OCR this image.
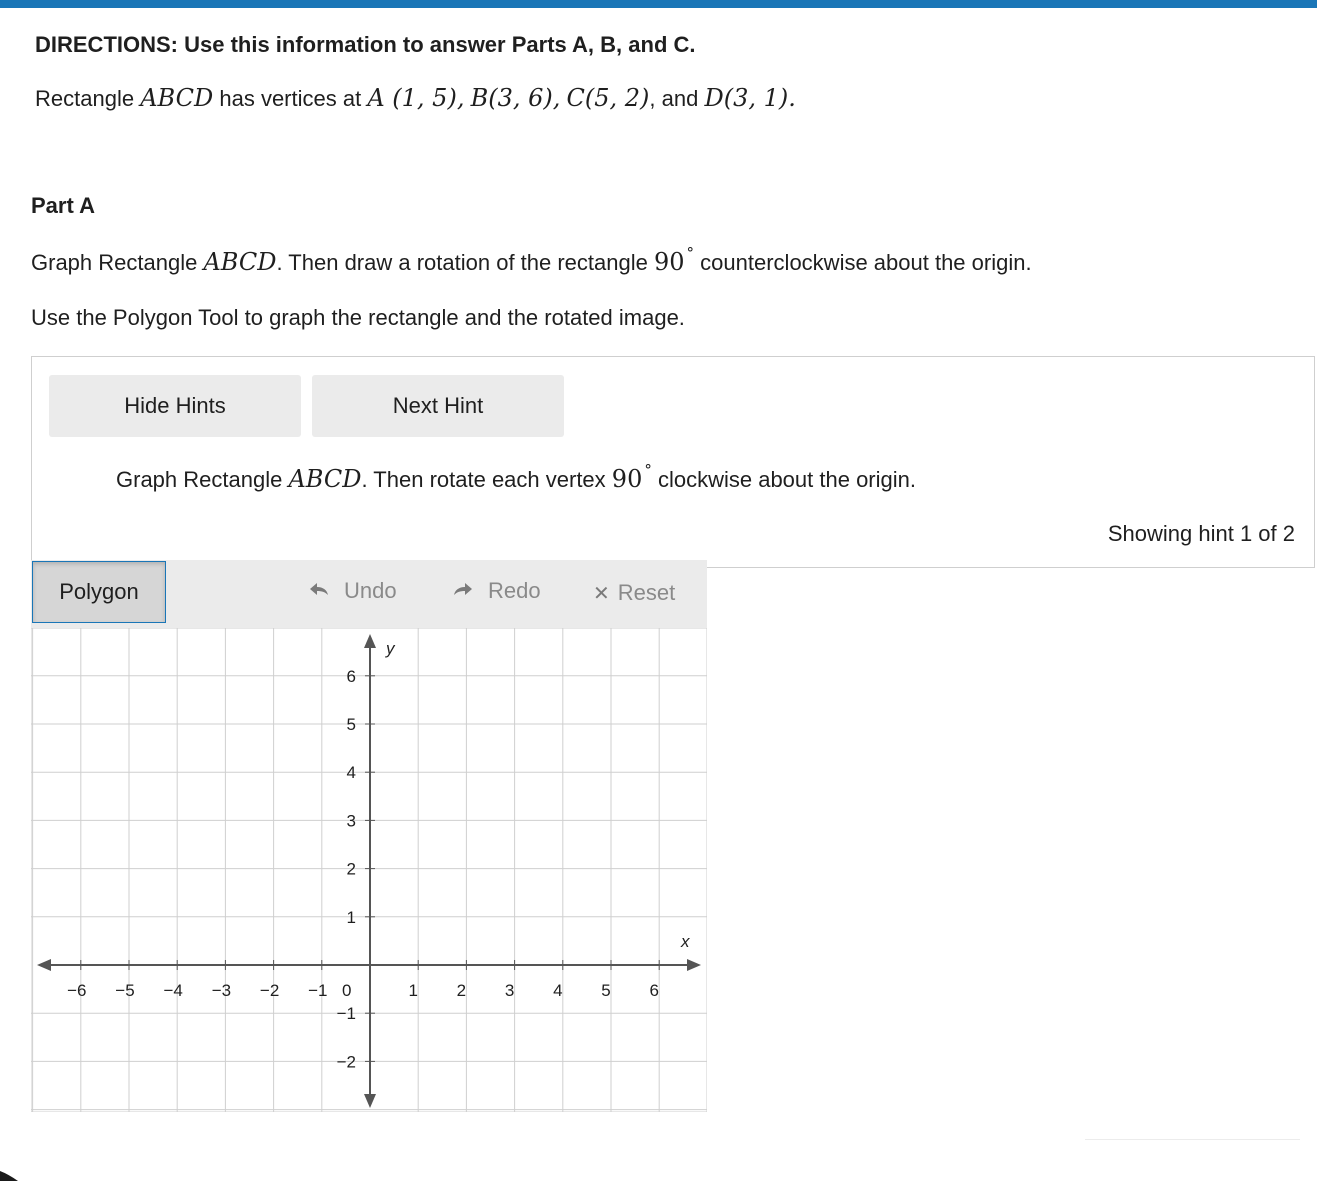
DIRECTIONS: Use this information to answer Parts A, B, and C.
Rectangle ABCD has vertices at A (1, 5), B(3, 6), C(5, 2), and D(3, 1).
Part A
Graph Rectangle ABCD. Then draw a rotation of the rectangle 90 ° counterclockwise about the origin.
Use the Polygon Tool to graph the rectangle and the rotated image.
Hide Hints	Next Hint
Graph Rectangle ABCD. Then rotate each vertex 90 ° clockwise about the origin.
Showing hint 1 of 2
Polygon	Undo	Redo	✕ Reset
−6 −5 −4 −3 −2 −1	1 2 3 4 5 6
6
5
4
3
2
1
−1
−2
x
y
0
